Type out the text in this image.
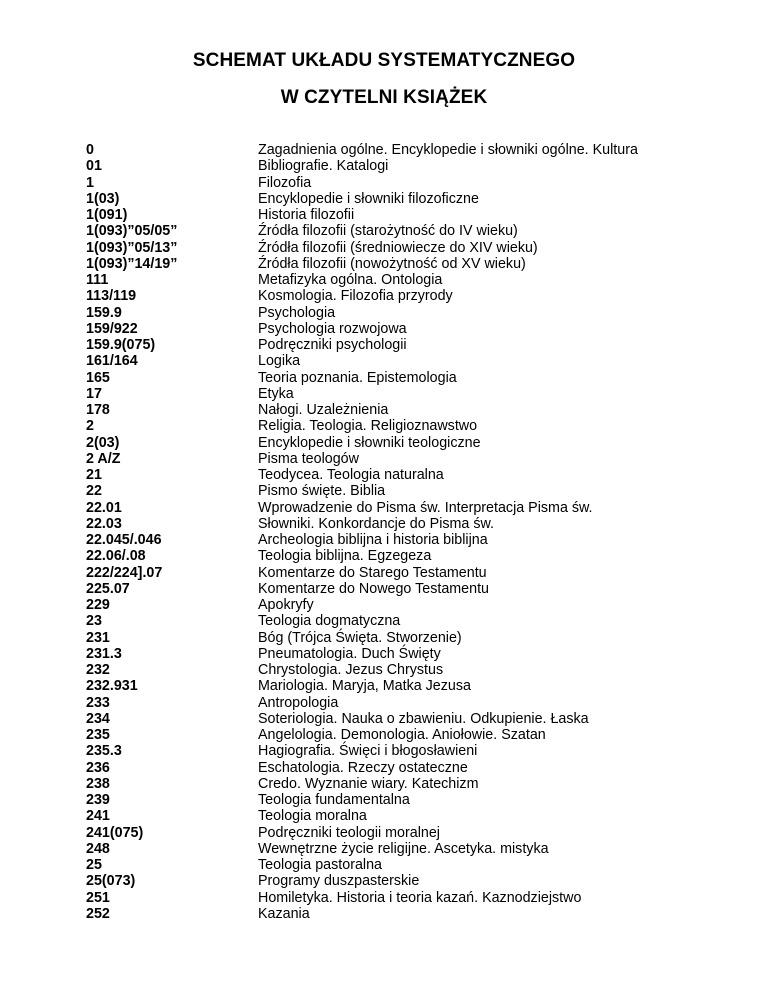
SCHEMAT UKŁADU SYSTEMATYCZNEGO
W CZYTELNI KSIĄŻEK
0	Zagadnienia ogólne. Encyklopedie i słowniki ogólne. Kultura
01	Bibliografie. Katalogi
1	Filozofia
1(03)	Encyklopedie i słowniki filozoficzne
1(091)	Historia filozofii
1(093)”05/05”	Źródła filozofii (starożytność do IV wieku)
1(093)”05/13”	Źródła filozofii (średniowiecze do XIV wieku)
1(093)”14/19”	Źródła filozofii (nowożytność od XV wieku)
111	Metafizyka ogólna. Ontologia
113/119	Kosmologia. Filozofia przyrody
159.9	Psychologia
159/922	Psychologia rozwojowa
159.9(075)	Podręczniki psychologii
161/164	Logika
165	Teoria poznania. Epistemologia
17	Etyka
178	Nałogi. Uzależnienia
2	Religia. Teologia. Religioznawstwo
2(03)	Encyklopedie i słowniki teologiczne
2 A/Z	Pisma teologów
21	Teodycea. Teologia naturalna
22	Pismo święte. Biblia
22.01	Wprowadzenie do Pisma św. Interpretacja Pisma św.
22.03	Słowniki. Konkordancje do Pisma św.
22.045/.046	Archeologia biblijna i historia biblijna
22.06/.08	Teologia biblijna. Egzegeza
222/224].07	Komentarze do Starego Testamentu
225.07	Komentarze do Nowego Testamentu
229	Apokryfy
23	Teologia dogmatyczna
231	Bóg (Trójca Święta. Stworzenie)
231.3	Pneumatologia. Duch Święty
232	Chrystologia. Jezus Chrystus
232.931	Mariologia. Maryja, Matka Jezusa
233	Antropologia
234	Soteriologia. Nauka o zbawieniu. Odkupienie. Łaska
235	Angelologia. Demonologia. Aniołowie. Szatan
235.3	Hagiografia. Święci i błogosławieni
236	Eschatologia. Rzeczy ostateczne
238	Credo. Wyznanie wiary. Katechizm
239	Teologia fundamentalna
241	Teologia moralna
241(075)	Podręczniki teologii moralnej
248	Wewnętrzne życie religijne. Ascetyka. mistyka
25	Teologia pastoralna
25(073)	Programy duszpasterskie
251	Homiletyka. Historia i teoria kazań. Kaznodziejstwo
252	Kazania
